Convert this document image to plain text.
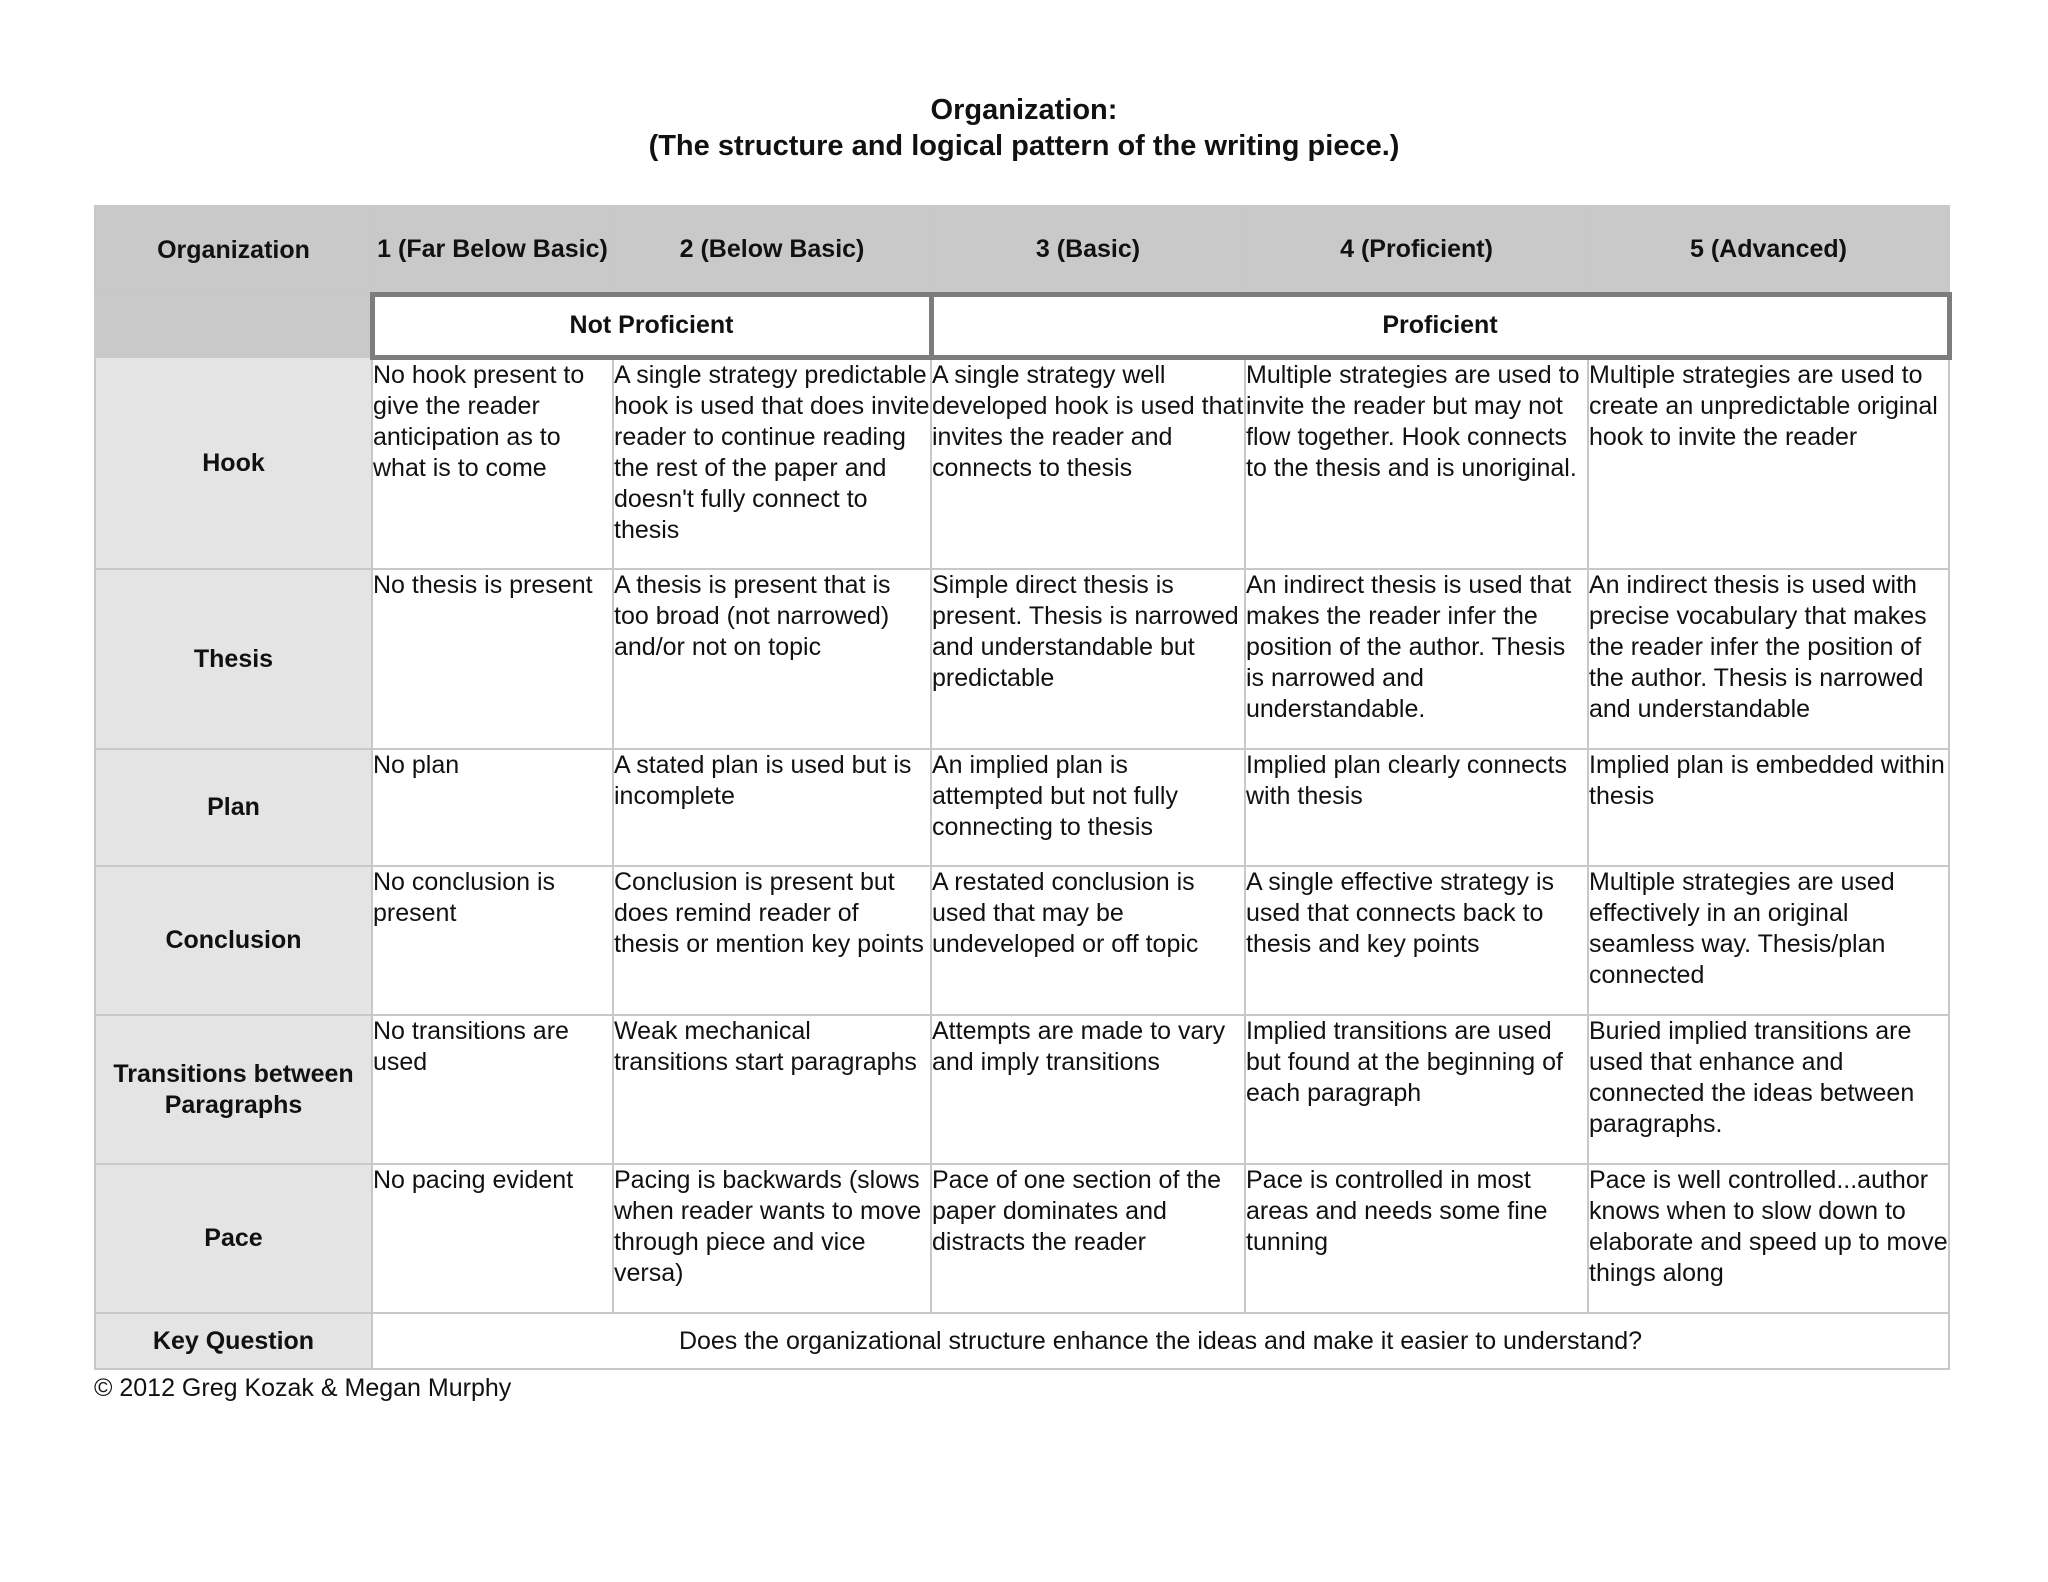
Organization:
(The structure and logical pattern of the writing piece.)
Organization	1 (Far Below Basic)	2 (Below Basic)	3 (Basic)	4 (Proficient)	5 (Advanced)
	Not Proficient		Proficient		
Hook	No hook present to give the reader anticipation as to what is to come	A single strategy predictable hook is used that does invite reader to continue reading the rest of the paper and doesn't fully connect to thesis	A single strategy well developed hook is used that invites the reader and connects to thesis	Multiple strategies are used to invite the reader but may not flow together. Hook connects to the thesis and is unoriginal.	Multiple strategies are used to create an unpredictable original hook to invite the reader
Thesis	No thesis is present	A thesis is present that is too broad (not narrowed) and/or not on topic	Simple direct thesis is present. Thesis is narrowed and understandable but predictable	An indirect thesis is used that makes the reader infer the position of the author. Thesis is narrowed and understandable.	An indirect thesis is used with precise vocabulary that makes the reader infer the position of the author. Thesis is narrowed and understandable
Plan	No plan	A stated plan is used but is incomplete	An implied plan is attempted but not fully connecting to thesis	Implied plan clearly connects with thesis	Implied plan is embedded within thesis
Conclusion	No conclusion is present	Conclusion is present but does remind reader of thesis or mention key points	A restated conclusion is used that may be undeveloped or off topic	A single effective strategy is used that connects back to thesis and key points	Multiple strategies are used effectively in an original seamless way. Thesis/plan connected
Transitions between Paragraphs	No transitions are used	Weak mechanical transitions start paragraphs	Attempts are made to vary and imply transitions	Implied transitions are used but found at the beginning of each paragraph	Buried implied transitions are used that enhance and connected the ideas between paragraphs.
Pace	No pacing evident	Pacing is backwards (slows when reader wants to move through piece and vice versa)	Pace of one section of the paper dominates and distracts the reader	Pace is controlled in most areas and needs some fine tunning	Pace is well controlled...author knows when to slow down to elaborate and speed up to move things along
Key Question	Does the organizational structure enhance the ideas and make it easier to understand?				
© 2012 Greg Kozak & Megan Murphy
